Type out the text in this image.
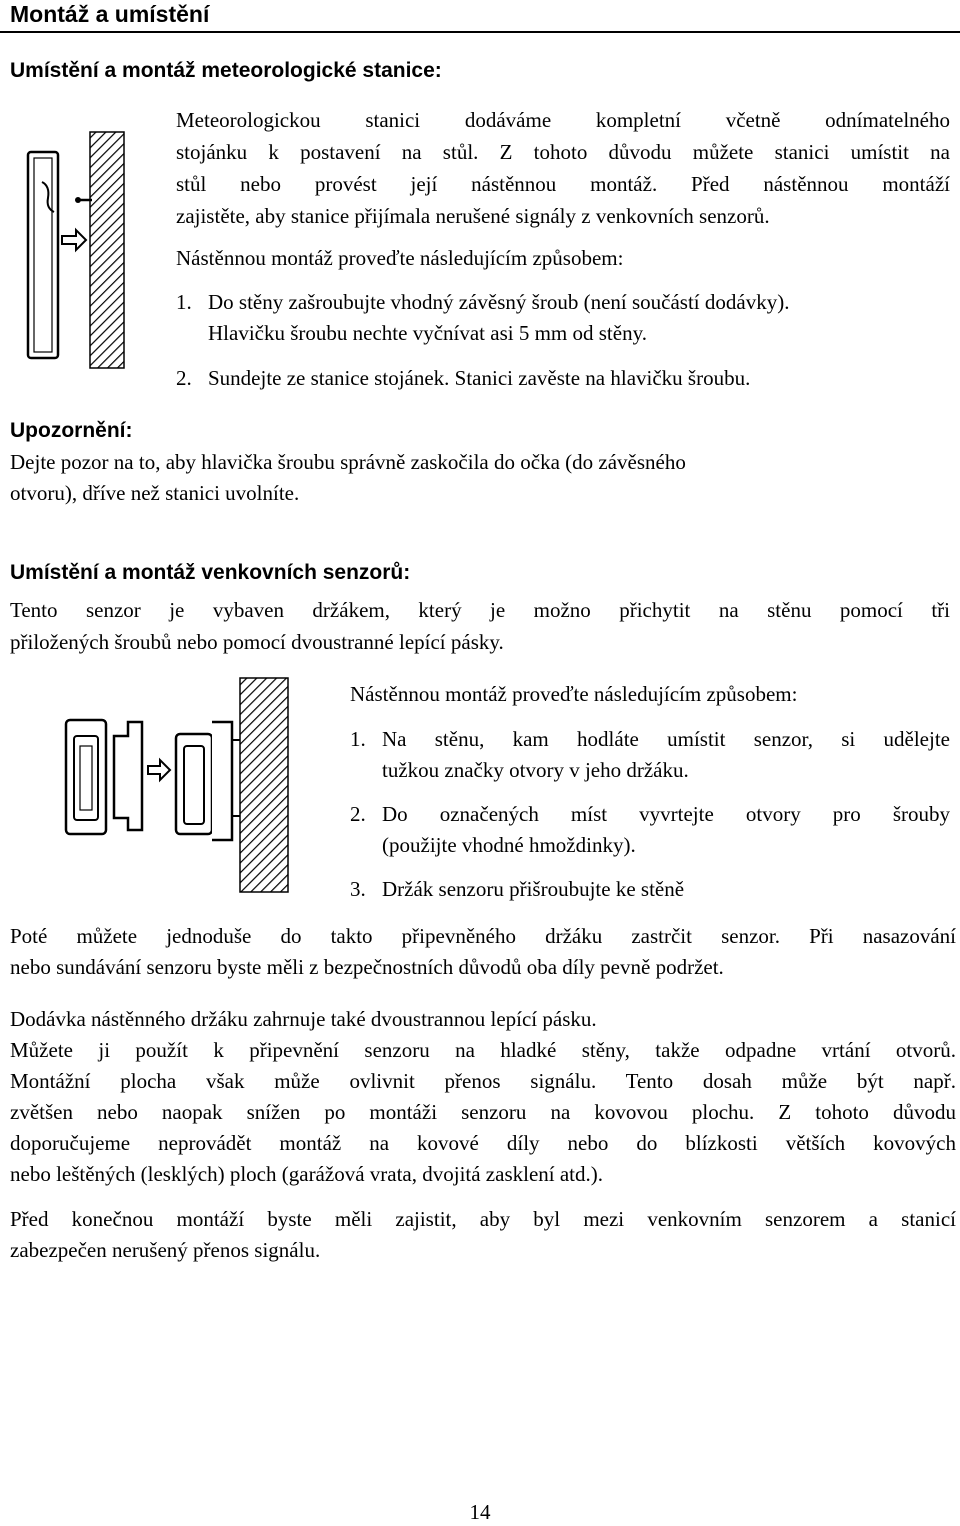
Montáž a umístění
Umístění a montáž meteorologické stanice:
Meteorologickou stanici dodáváme kompletní včetně odnímatelného
stojánku k postavení na stůl. Z tohoto důvodu můžete stanici umístit na
stůl nebo provést její nástěnnou montáž. Před nástěnnou montáží
zajistěte, aby stanice přijímala nerušené signály z venkovních senzorů.
Nástěnnou montáž proveďte následujícím způsobem:
1. Do stěny zašroubujte vhodný závěsný šroub (není součástí dodávky).
Hlavičku šroubu nechte vyčnívat asi 5 mm od stěny.
2. Sundejte ze stanice stojánek. Stanici zavěste na hlavičku šroubu.
Upozornění:
Dejte pozor na to, aby hlavička šroubu správně zaskočila do očka (do závěsného
otvoru), dříve než stanici uvolníte.
Umístění a montáž venkovních senzorů:
Tento senzor je vybaven držákem, který je možno přichytit na stěnu pomocí tři
přiložených šroubů nebo pomocí dvoustranné lepící pásky.
Nástěnnou montáž proveďte následujícím způsobem:
1. Na stěnu, kam hodláte umístit senzor, si udělejte
tužkou značky otvory v jeho držáku.
2. Do označených míst vyvrtejte otvory pro šrouby
(použijte vhodné hmoždinky).
3. Držák senzoru přišroubujte ke stěně
Poté můžete jednoduše do takto připevněného držáku zastrčit senzor. Při nasazování
nebo sundávání senzoru byste měli z bezpečnostních důvodů oba díly pevně podržet.
Dodávka nástěnného držáku zahrnuje také dvoustrannou lepící pásku.
Můžete ji použít k připevnění senzoru na hladké stěny, takže odpadne vrtání otvorů.
Montážní plocha však může ovlivnit přenos signálu. Tento dosah může být např.
zvětšen nebo naopak snížen po montáži senzoru na kovovou plochu. Z tohoto důvodu
doporučujeme neprovádět montáž na kovové díly nebo do blízkosti větších kovových
nebo leštěných (lesklých) ploch (garážová vrata, dvojitá zasklení atd.).
Před konečnou montáží byste měli zajistit, aby byl mezi venkovním senzorem a stanicí
zabezpečen nerušený přenos signálu.
14
